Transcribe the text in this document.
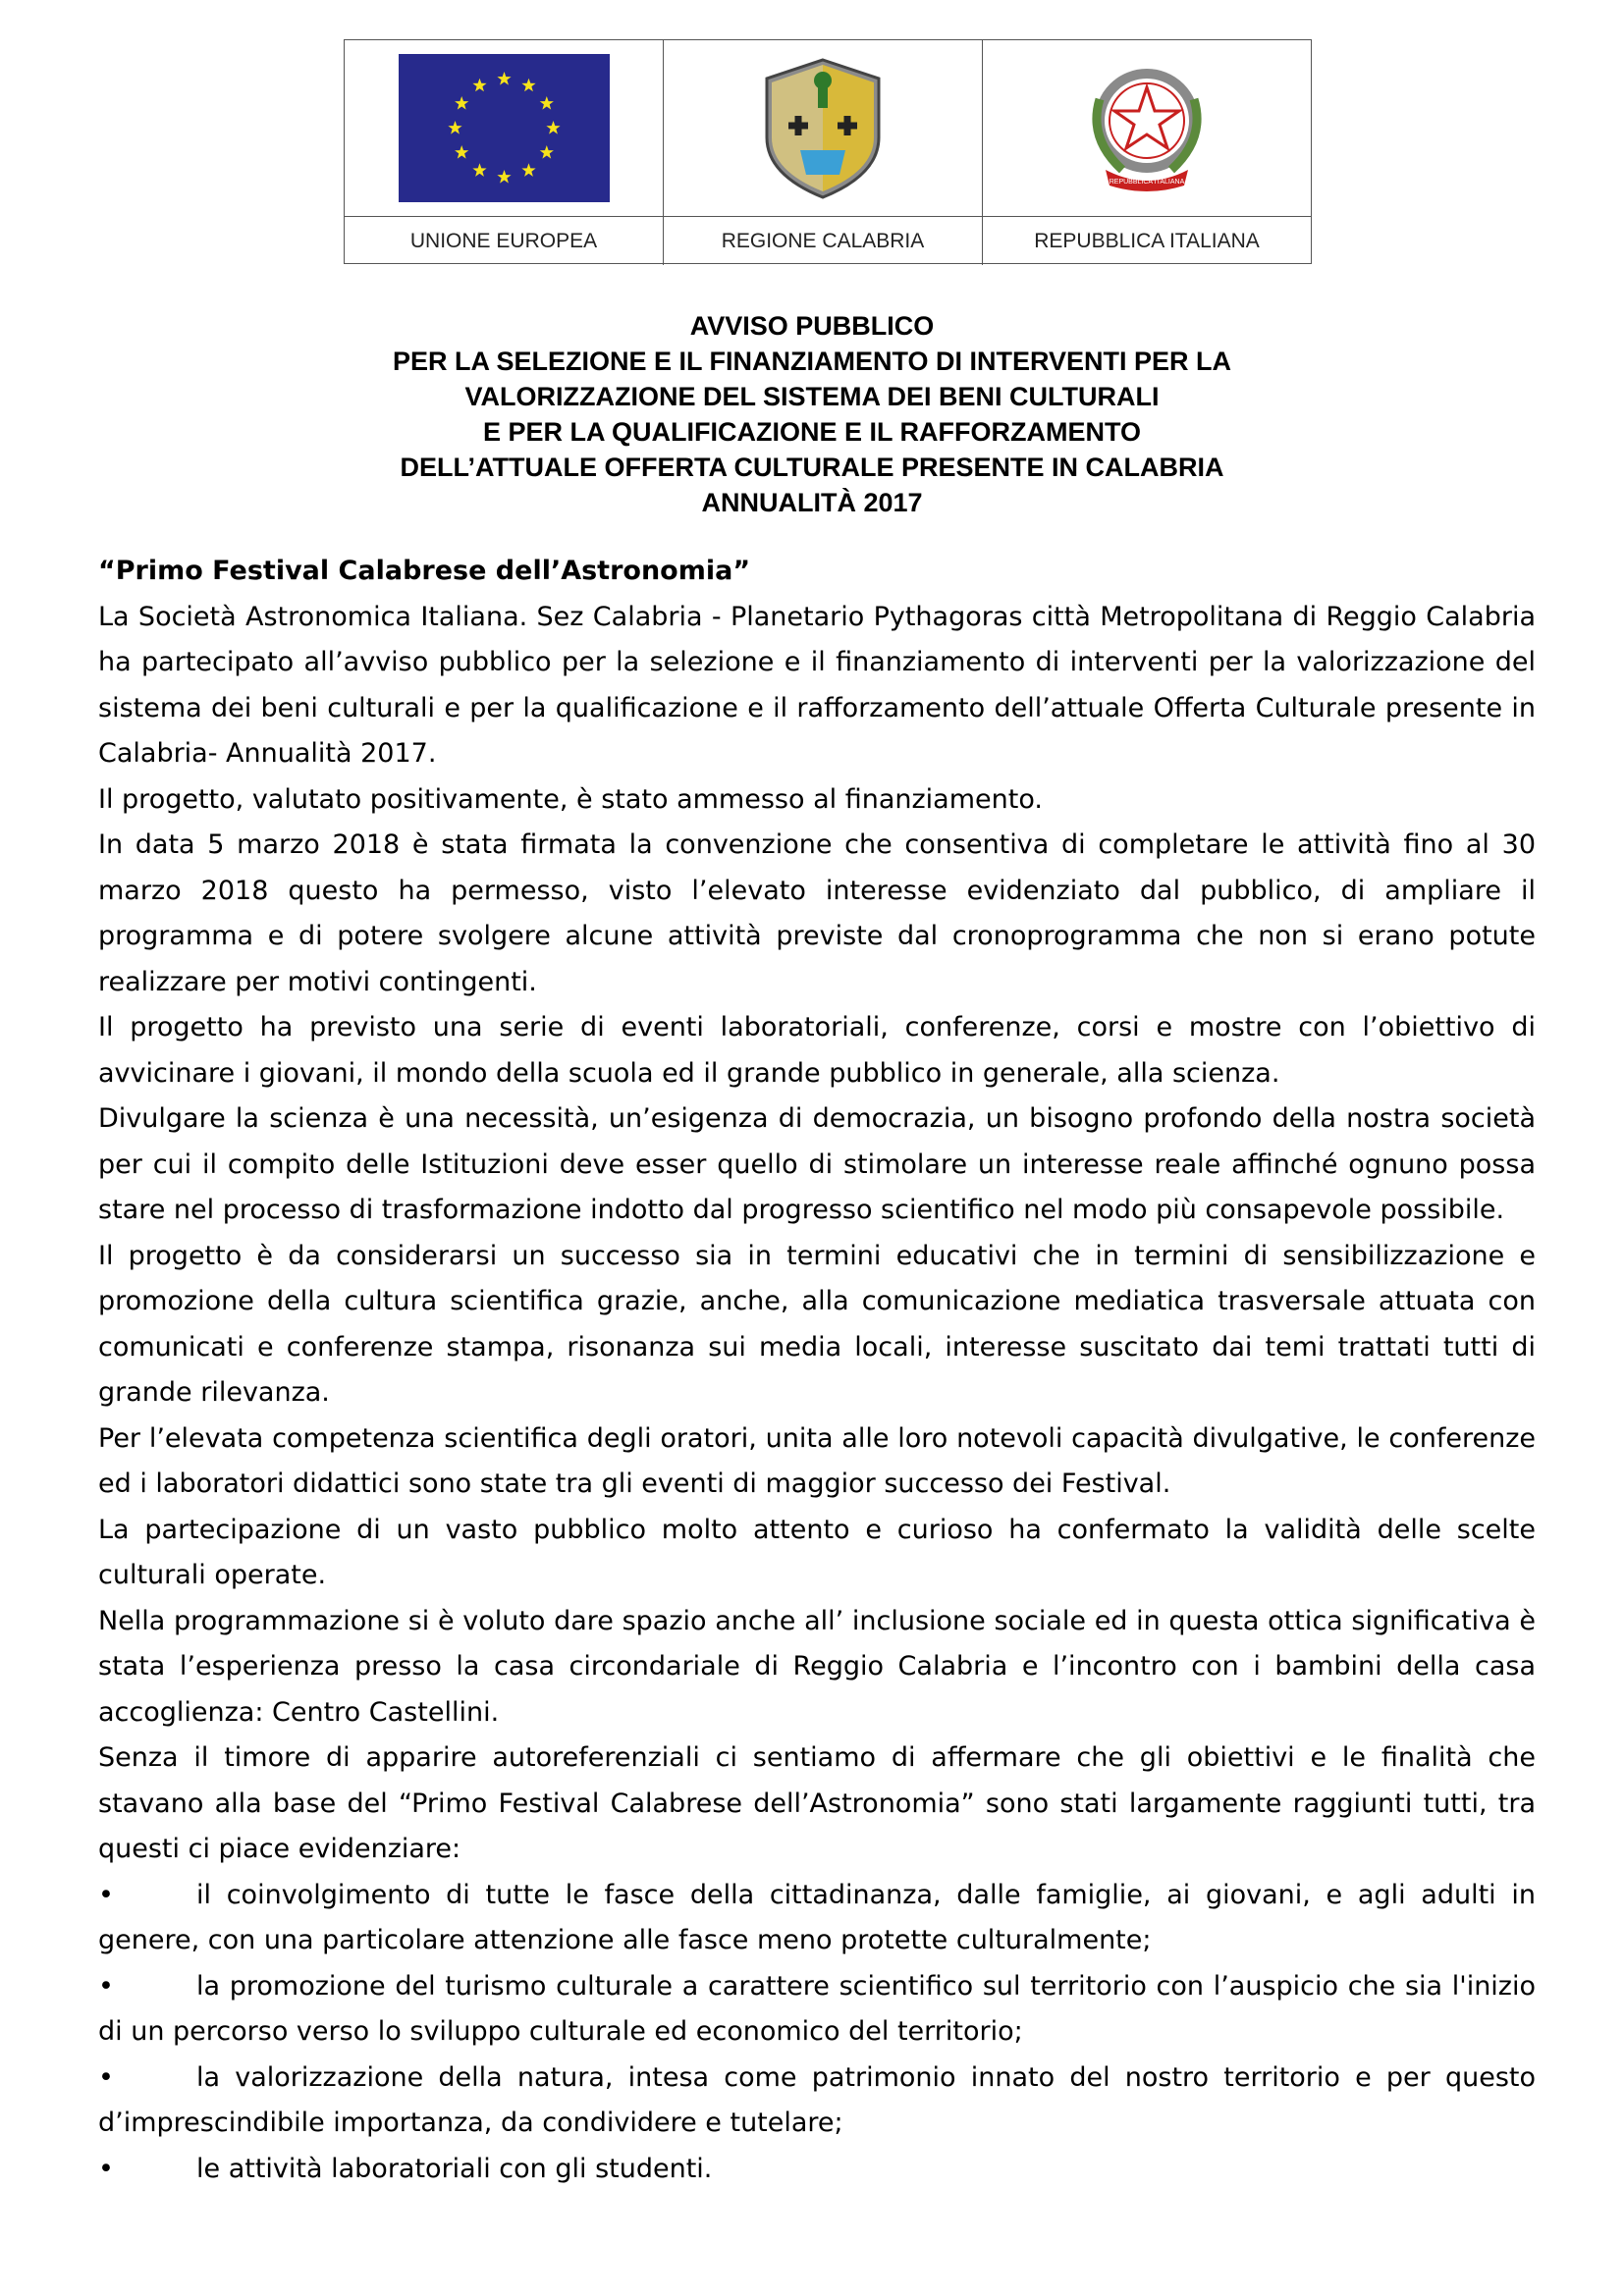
REPUBBLICA ITALIANA
UNIONE EUROPEA	REGIONE CALABRIA	REPUBBLICA ITALIANA
AVVISO PUBBLICO
PER LA SELEZIONE E IL FINANZIAMENTO DI INTERVENTI PER LA
VALORIZZAZIONE DEL SISTEMA DEI BENI CULTURALI
E PER LA QUALIFICAZIONE E IL RAFFORZAMENTO
DELL’ATTUALE OFFERTA CULTURALE PRESENTE IN CALABRIA
ANNUALITÀ 2017

“Primo Festival Calabrese dell’Astronomia”

La Società Astronomica Italiana. Sez Calabria - Planetario Pythagoras città Metropolitana di Reggio Calabria ha partecipato all’avviso pubblico per la selezione e il finanziamento di interventi per la valorizzazione del sistema dei beni culturali e per la qualificazione e il rafforzamento dell’attuale Offerta Culturale presente in Calabria- Annualità 2017.

Il progetto, valutato positivamente, è stato ammesso al finanziamento.

In data 5 marzo 2018 è stata firmata la convenzione che consentiva di completare le attività fino al 30 marzo 2018 questo ha permesso, visto l’elevato interesse evidenziato dal pubblico, di ampliare il programma e di potere svolgere alcune attività previste dal cronoprogramma che non si erano potute realizzare per motivi contingenti.

Il progetto ha previsto una serie di eventi laboratoriali, conferenze, corsi e mostre con l’obiettivo di avvicinare i giovani, il mondo della scuola ed il grande pubblico in generale, alla scienza.

Divulgare la scienza è una necessità, un’esigenza di democrazia, un bisogno profondo della nostra società per cui il compito delle Istituzioni deve esser quello di stimolare un interesse reale affinché ognuno possa stare nel processo di trasformazione indotto dal progresso scientifico nel modo più consapevole possibile.

Il progetto è da considerarsi un successo sia in termini educativi che in termini di sensibilizzazione e promozione della cultura scientifica grazie, anche, alla comunicazione mediatica trasversale attuata con comunicati e conferenze stampa, risonanza sui media locali, interesse suscitato dai temi trattati tutti di grande rilevanza.

Per l’elevata competenza scientifica degli oratori, unita alle loro notevoli capacità divulgative, le conferenze ed i laboratori didattici sono state tra gli eventi di maggior successo dei Festival.

La partecipazione di un vasto pubblico molto attento e curioso ha confermato la validità delle scelte culturali operate.

Nella programmazione si è voluto dare spazio anche all’ inclusione sociale ed in questa ottica significativa è stata l’esperienza presso la casa circondariale di Reggio Calabria e l’incontro con i bambini della casa accoglienza: Centro Castellini.

Senza il timore di apparire autoreferenziali ci sentiamo di affermare che gli obiettivi e le finalità che stavano alla base del “Primo Festival Calabrese dell’Astronomia” sono stati largamente raggiunti tutti, tra questi ci piace evidenziare:

•	il coinvolgimento di tutte le fasce della cittadinanza, dalle famiglie, ai giovani, e agli adulti in genere, con una particolare attenzione alle fasce meno protette culturalmente;

•	la promozione del turismo culturale a carattere scientifico sul territorio con l’auspicio che sia l'inizio di un percorso verso lo sviluppo culturale ed economico del territorio;

•	la valorizzazione della natura, intesa come patrimonio innato del nostro territorio e per questo d’imprescindibile importanza, da condividere e tutelare;

•	le attività laboratoriali con gli studenti.
